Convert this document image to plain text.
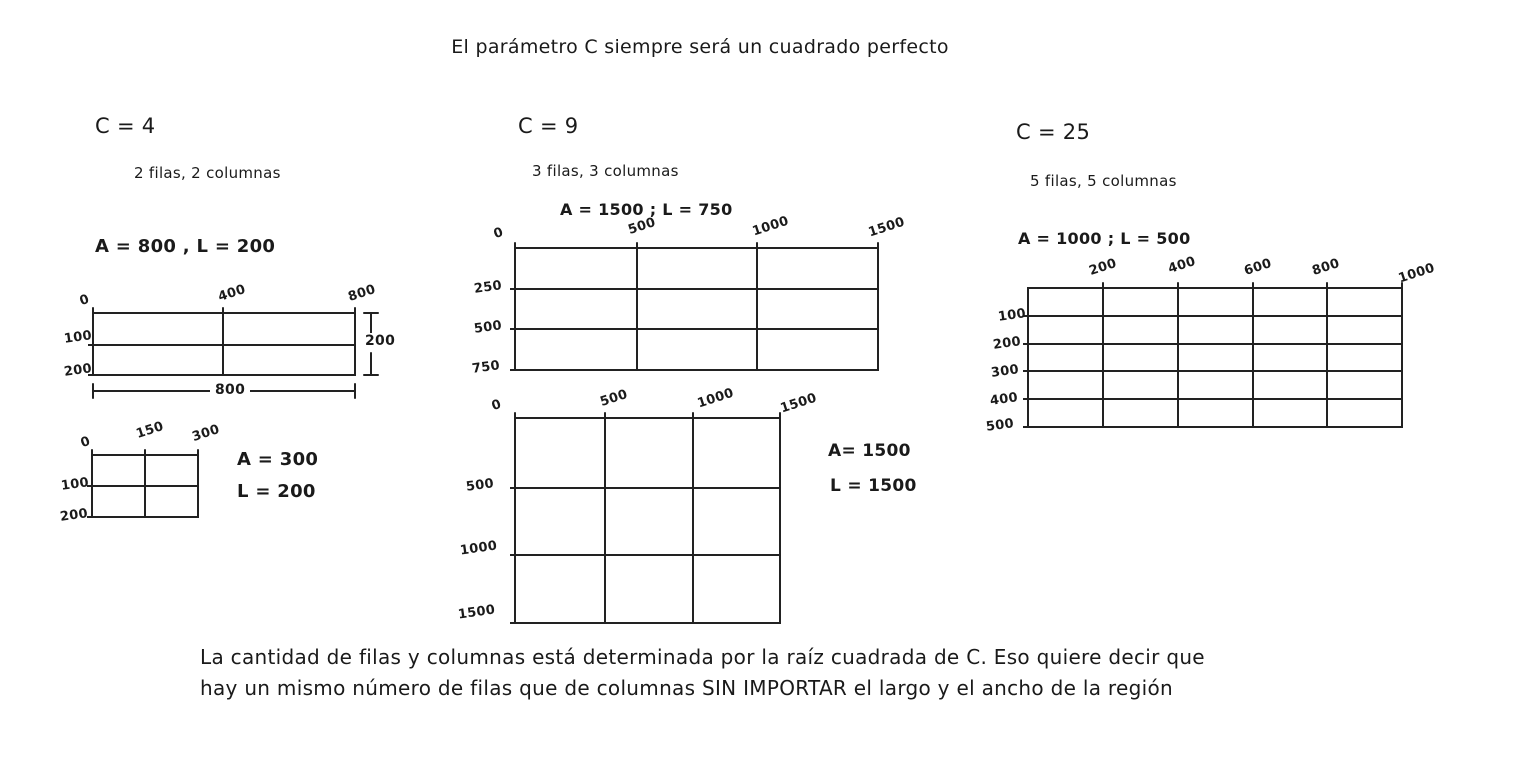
El parámetro C siempre será un cuadrado perfecto
C = 4
2 filas, 2 columnas
A = 800 , L = 200
0	400	800
100
200
200
800
0
150 300
100
200
A = 300
L = 200
C = 9
3 filas, 3 columnas
A = 1500 ; L = 750
0	500	1000	1500
250
500
750
0	500	1000	1500
500
1000
1500
A= 1500
L = 1500
C = 25
5 filas, 5 columnas
A = 1000 ; L = 500
200	400	600	800	1000
100
200
300
400
500
La cantidad de filas y columnas está determinada por la raíz cuadrada de C. Eso quiere decir que
hay un mismo número de filas que de columnas SIN IMPORTAR el largo y el ancho de la región
